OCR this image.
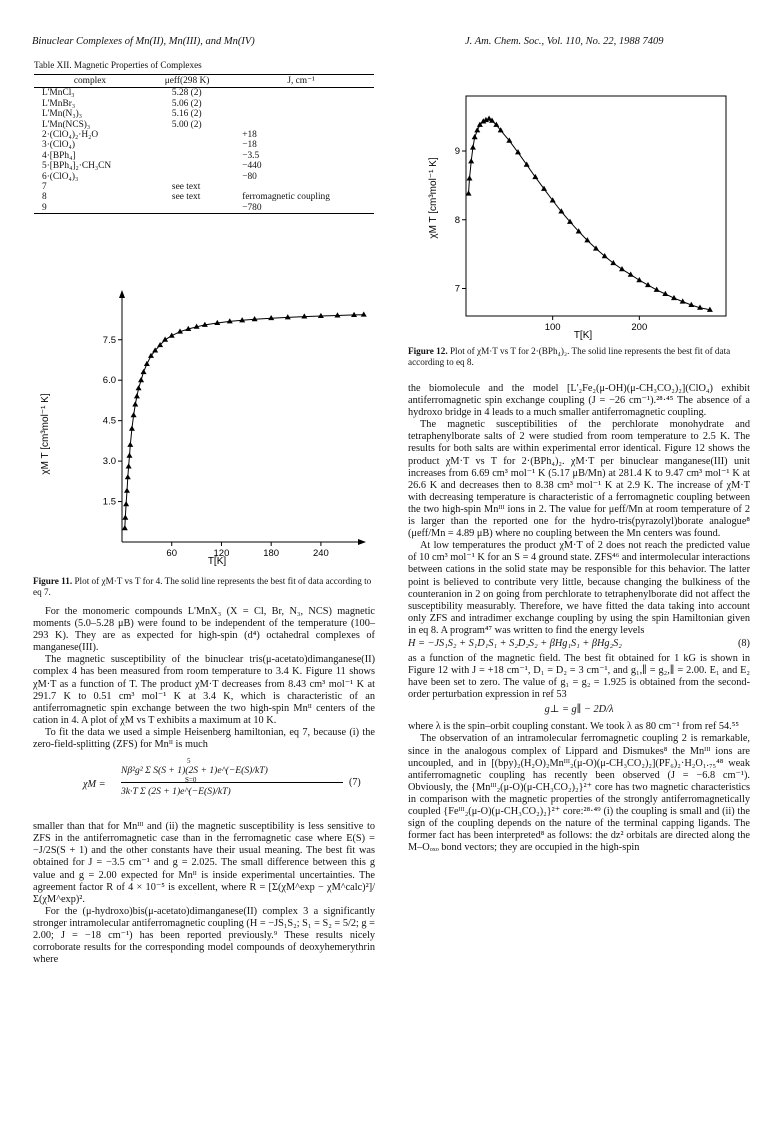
Binuclear Complexes of Mn(II), Mn(III), and Mn(IV)	J. Am. Chem. Soc., Vol. 110, No. 22, 1988 7409
Table XII. Magnetic Properties of Complexes
complex	μeff(298 K)	J, cm⁻¹
L'MnCl₃	5.28 (2)	
L'MnBr₃	5.06 (2)	
L'Mn(N₃)₃	5.16 (2)	
L'Mn(NCS)₃	5.00 (2)	
2·(ClO₄)₂·H₂O		+18
3·(ClO₄)		−18
4·[BPh₄]		−3.5
5·[BPh₄]₂·CH₃CN		−440
6·(ClO₄)₃		−80
7	see text	
8	see text	ferromagnetic coupling
9		−780
χM T [cm³mol⁻¹ K]
T[K]
60	120	180	240
1.5
3.0
4.5
6.0
7.5
Figure 11. Plot of χM·T vs T for 4. The solid line represents the best fit of data according to eq 7.
χM T [cm³mol⁻¹ K]
T[K]
100	200
7
8
9
Figure 12. Plot of χM·T vs T for 2·(BPh₄)₂. The solid line represents the best fit of data according to eq 8.

For the monomeric compounds L'MnX₃ (X = Cl, Br, N₃, NCS) magnetic moments (5.0–5.28 μB) were found to be independent of the temperature (100–293 K). They are as expected for high-spin (d⁴) octahedral complexes of manganese(III).

The magnetic susceptibility of the binuclear tris(μ-acetato)dimanganese(II) complex 4 has been measured from room temperature to 3.4 K. Figure 11 shows χM·T as a function of T. The product χM·T decreases from 8.43 cm³ mol⁻¹ K at 291.7 K to 0.51 cm³ mol⁻¹ K at 3.4 K, which is characteristic of an antiferromagnetic spin exchange between the two high-spin Mnᴵᴵ centers of the cation in 4. A plot of χM vs T exhibits a maximum at 10 K.

To fit the data we used a simple Heisenberg hamiltonian, eq 7, because (i) the zero-field-splitting (ZFS) for Mnᴵᴵ is much

χM =
5
S=0
Nβ²g² Σ S(S + 1)(2S + 1)e^(−E(S)/kT)
3k·T Σ (2S + 1)e^(−E(S)/kT)
(7)

smaller than that for Mnᴵᴵᴵ and (ii) the magnetic susceptibility is less sensitive to ZFS in the antiferromagnetic case than in the ferromagnetic case where E(S) = −J/2S(S + 1) and the other constants have their usual meaning. The best fit was obtained for J = −3.5 cm⁻¹ and g = 2.025. The small difference between this g value and g = 2.00 expected for Mnᴵᴵ is inside experimental uncertainties. The agreement factor R of 4 × 10⁻⁵ is excellent, where R = [Σ(χM^exp − χM^calc)²]/Σ(χM^exp)².

For the (μ-hydroxo)bis(μ-acetato)dimanganese(II) complex 3 a significantly stronger intramolecular antiferromagnetic coupling (H = −JS₁S₂; S₁ = S₂ = 5/2; g = 2.00; J = −18 cm⁻¹) has been reported previously.⁹ These results nicely corroborate results for the corresponding model compounds of deoxyhemerythrin where

the biomolecule and the model [L'₂Fe₂(μ-OH)(μ-CH₃CO₂)₂](ClO₄) exhibit antiferromagnetic spin exchange coupling (J = −26 cm⁻¹).²⁸·⁴⁵ The absence of a hydroxo bridge in 4 leads to a much smaller antiferromagnetic coupling.

The magnetic susceptibilities of the perchlorate monohydrate and tetraphenylborate salts of 2 were studied from room temperature to 2.5 K. The results for both salts are within experimental error identical. Figure 12 shows the product χM·T vs T for 2·(BPh₄)₂. χM·T per binuclear manganese(III) unit increases from 6.69 cm³ mol⁻¹ K (5.17 μB/Mn) at 281.4 K to 9.47 cm³ mol⁻¹ K at 26.6 K and decreases then to 8.38 cm³ mol⁻¹ K at 2.9 K. The increase of χM·T with decreasing temperature is characteristic of a ferromagnetic coupling between the two high-spin Mnᴵᴵᴵ ions in 2. The value for μeff/Mn at room temperature of 2 is larger than the reported one for the hydro-tris(pyrazolyl)borate analogue⁸ (μeff/Mn = 4.89 μB) where no coupling between the Mn centers was found.

At low temperatures the product χM·T of 2 does not reach the predicted value of 10 cm³ mol⁻¹ K for an S = 4 ground state. ZFS⁴⁶ and intermolecular interactions between cations in the solid state may be responsible for this behavior. The latter point is believed to contribute very little, because changing the bulkiness of the counteranion in 2 on going from perchlorate to tetraphenylborate did not affect the susceptibility measurably. Therefore, we have fitted the data taking into account only ZFS and intradimer exchange coupling by using the spin Hamiltonian given in eq 8. A program⁴⁷ was written to find the energy levels

H = −JS₁S₂ + S₁D₁S₁ + S₂D₂S₂ + βHg₁S₁ + βHg₂S₂	(8)

as a function of the magnetic field. The best fit obtained for 1 kG is shown in Figure 12 with J = +18 cm⁻¹, D₁ = D₂ = 3 cm⁻¹, and g₁,∥ = g₂,∥ = 2.00. E₁ and E₂ have been set to zero. The value of g₁ = g₂ = 1.925 is obtained from the second-order perturbation expression in ref 53

g⊥ = g∥ − 2D/λ

where λ is the spin–orbit coupling constant. We took λ as 80 cm⁻¹ from ref 54.⁵⁵

The observation of an intramolecular ferromagnetic coupling 2 is remarkable, since in the analogous complex of Lippard and Dismukes⁸ the Mnᴵᴵᴵ ions are uncoupled, and in [(bpy)₂(H₂O)₂Mnᴵᴵᴵ₂(μ-O)(μ-CH₃CO₂)₂](PF₆)₂·H₂O₁.₇₅⁴⁸ weak antiferromagnetic coupling has recently been observed (J = −6.8 cm⁻¹). Obviously, the {Mnᴵᴵᴵ₂(μ-O)(μ-CH₃CO₂)₂}²⁺ core has two magnetic characteristics in comparison with the magnetic properties of the strongly antiferromagnetically coupled {Feᴵᴵᴵ₂(μ-O)(μ-CH₃CO₂)₂}²⁺ core:²⁸·⁴⁹ (i) the coupling is small and (ii) the sign of the coupling depends on the nature of the terminal capping ligands. The former fact has been interpreted⁸ as follows: the dz² orbitals are directed along the M–Oₒₓₒ bond vectors; they are occupied in the high-spin
